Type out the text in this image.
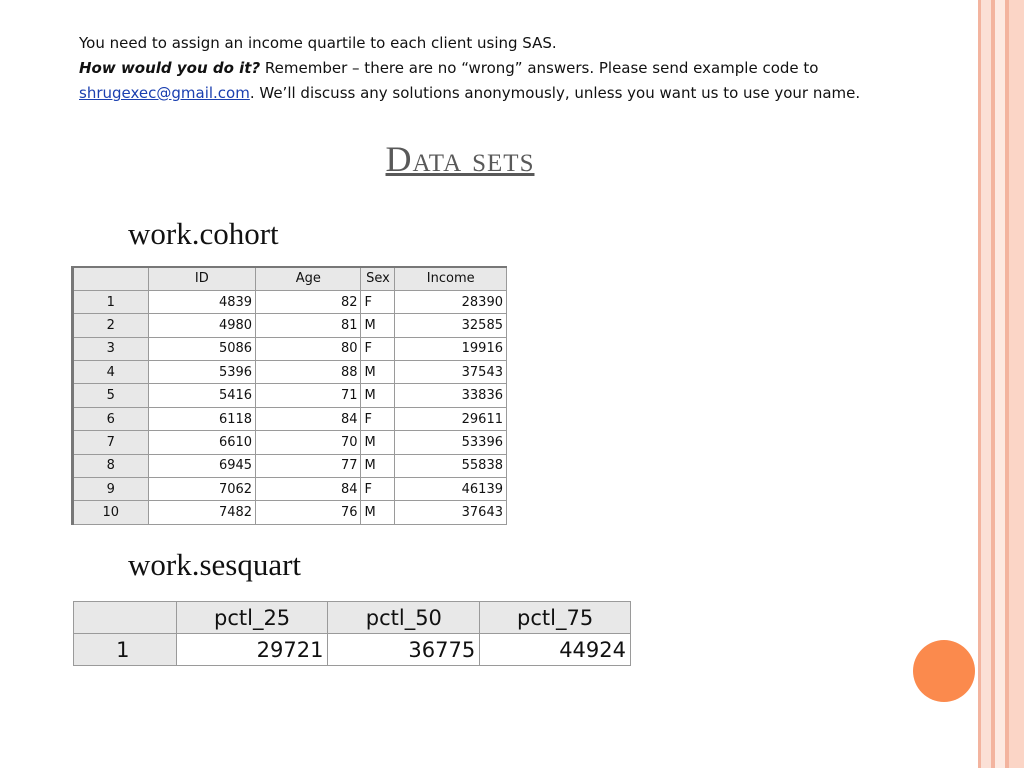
You need to assign an income quartile to each client using SAS.
How would you do it? Remember – there are no “wrong” answers. Please send example code to
shrugexec@gmail.com. We’ll discuss any solutions anonymously, unless you want us to use your name.
Data sets
work.cohort
	ID	Age	Sex	Income
1	4839	82	F	28390
2	4980	81	M	32585
3	5086	80	F	19916
4	5396	88	M	37543
5	5416	71	M	33836
6	6118	84	F	29611
7	6610	70	M	53396
8	6945	77	M	55838
9	7062	84	F	46139
10	7482	76	M	37643
work.sesquart
	pctl_25	pctl_50	pctl_75
1	29721	36775	44924
